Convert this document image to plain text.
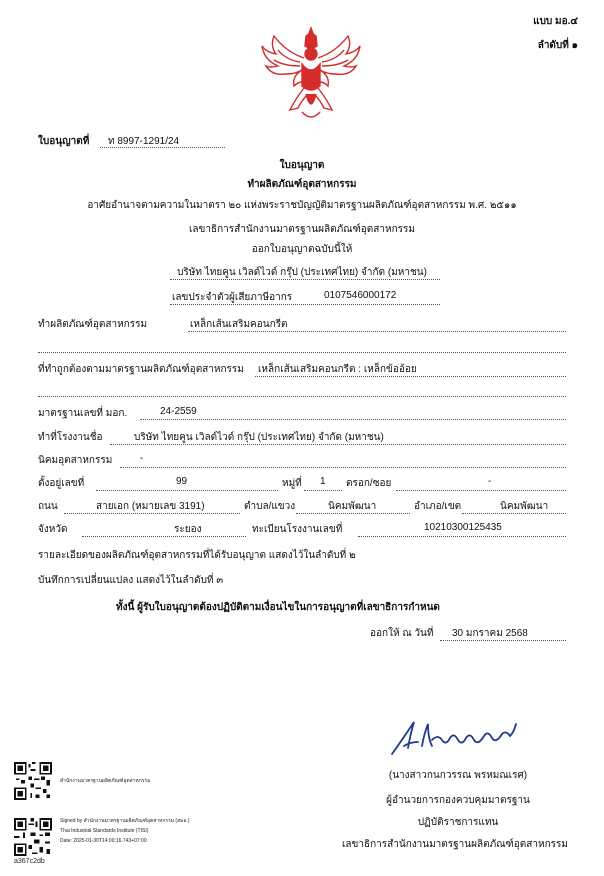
แบบ มอ.๔
ลำดับที่ ๑
ใบอนุญาตที่ ท 8997-1291/24
ใบอนุญาต
ทำผลิตภัณฑ์อุตสาหกรรม
อาศัยอำนาจตามความในมาตรา ๒๐ แห่งพระราชบัญญัติมาตรฐานผลิตภัณฑ์อุตสาหกรรม พ.ศ. ๒๕๑๑
เลขาธิการสำนักงานมาตรฐานผลิตภัณฑ์อุตสาหกรรม
ออกใบอนุญาตฉบับนี้ให้
บริษัท ไทยคูน เวิลด์ไวด์ กรุ๊ป (ประเทศไทย) จำกัด (มหาชน)
เลขประจำตัวผู้เสียภาษีอากร	0107546000172
ทำผลิตภัณฑ์อุตสาหกรรม	เหล็กเส้นเสริมคอนกรีต
ที่ทำถูกต้องตามมาตรฐานผลิตภัณฑ์อุตสาหกรรม เหล็กเส้นเสริมคอนกรีต : เหล็กข้ออ้อย
มาตรฐานเลขที่ มอก.	24-2559
ทำที่โรงงานชื่อ	บริษัท ไทยคูน เวิลด์ไวด์ กรุ๊ป (ประเทศไทย) จำกัด (มหาชน)
นิคมอุตสาหกรรม	-
ตั้งอยู่เลขที่	99	หมู่ที่ 1 ตรอก/ซอย	-
ถนน	สายเอก (หมายเลข 3191)	ตำบล/แขวง	นิคมพัฒนา	อำเภอ/เขต	นิคมพัฒนา
จังหวัด	ระยอง	ทะเบียนโรงงานเลขที่	10210300125435
รายละเอียดของผลิตภัณฑ์อุตสาหกรรมที่ได้รับอนุญาต แสดงไว้ในลำดับที่ ๒
บันทึกการเปลี่ยนแปลง แสดงไว้ในลำดับที่ ๓
ทั้งนี้ ผู้รับใบอนุญาตต้องปฏิบัติตามเงื่อนไขในการอนุญาตที่เลขาธิการกำหนด
ออกให้ ณ วันที่ 30 มกราคม 2568
(นางสาวกนกวรรณ พรหมณเรศ)
ผู้อำนวยการกองควบคุมมาตรฐาน
ปฏิบัติราชการแทน
เลขาธิการสำนักงานมาตรฐานผลิตภัณฑ์อุตสาหกรรม
สำนักงานมาตรฐานผลิตภัณฑ์อุตสาหกรรม
Signed by สำนักงานมาตรฐานผลิตภัณฑ์อุตสาหกรรม (สมอ.)
Thai Industrial Standards Institute (TISI)
Date: 2025-01-30T14:00:16.743+07:00
a367c2db
